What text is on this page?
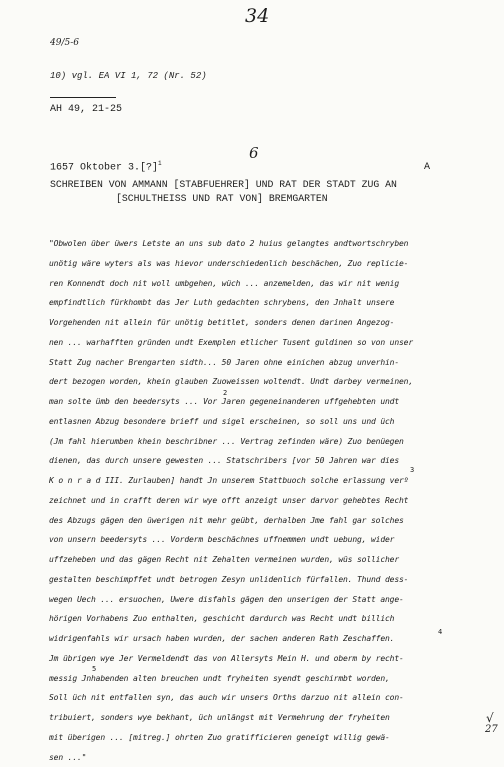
34
49/5-6
10) vgl. EA VI 1, 72 (Nr. 52)
AH 49, 21-25
6
1657 Oktober 3.[?]$^1$	A
SCHREIBEN VON AMMANN [STABFUEHRER] UND RAT DER STADT ZUG AN
[SCHULTHEISS UND RAT VON] BREMGARTEN
"Obwolen über üwers Letste an uns sub dato 2 huius gelangtes andtwortschryben
unötig wäre wyters als was hievor underschiedenlich beschächen, Zuo replicie-
ren Konnendt doch nit woll umbgehen, wüch ... anzemelden, das wir nit wenig
empfindtlich fürkhombt das Jer Luth gedachten schrybens, den Jnhalt unsere
Vorgehenden nit allein für unötig betitlet, sonders denen darinen Angezog-
nen ... warhafften gründen undt Exemplen etlicher Tusent guldinen so von unser
Statt Zug nacher Brengarten sidth... 50 Jaren ohne einichen abzug unverhin-
dert bezogen worden, khein glauben Zuoweissen woltendt. Undt darbey vermeinen,
man solte ümb den beedersyts ... Vor Jaren gegeneinanderen uffgehebten undt
entlasnen Abzug besondere brieff und sigel erscheinen, so soll uns und üch
(Jm fahl hierumben khein beschribner ... Vertrag zefinden wäre) Zuo benüegen
dienen, das durch unsere gewesten ... Statschribers [vor 50 Jahren war dies
K o n r a d III. Zurlauben] handt Jn unserem Stattbuoch solche erlassung verº
zeichnet und in crafft deren wir wye offt anzeigt unser darvor gehebtes Recht
des Abzugs gägen den üwerigen nit mehr geübt, derhalben Jme fahl gar solches
von unsern beedersyts ... Vorderm beschächnes uffnemmen undt uebung, wider
uffzeheben und das gägen Recht nit Zehalten vermeinen wurden, wüs sollicher
gestalten beschimpffet undt betrogen Zesyn unlidenlich fürfallen. Thund dess-
wegen Uech ... ersuochen, Uwere disfahls gägen den unserigen der Statt ange-
hörigen Vorhabens Zuo enthalten, geschicht dardurch was Recht undt billich
widrigenfahls wir ursach haben wurden, der sachen anderen Rath Zeschaffen.
Jm übrigen wye Jer Vermeldendt das von Allersyts Mein H. und oberm by recht-
messig Jnhabenden alten breuchen undt fryheiten syendt geschirmbt worden,
Soll üch nit entfallen syn, das auch wir unsers Orths darzuo nit allein con-
tribuiert, sonders wye bekhant, üch unlängst mit Vermehrung der fryheiten
mit überigen ... [mitreg.] ohrten Zuo gratifficieren geneigt willig gewä-
sen ..."
2
3
4
5
√
27
